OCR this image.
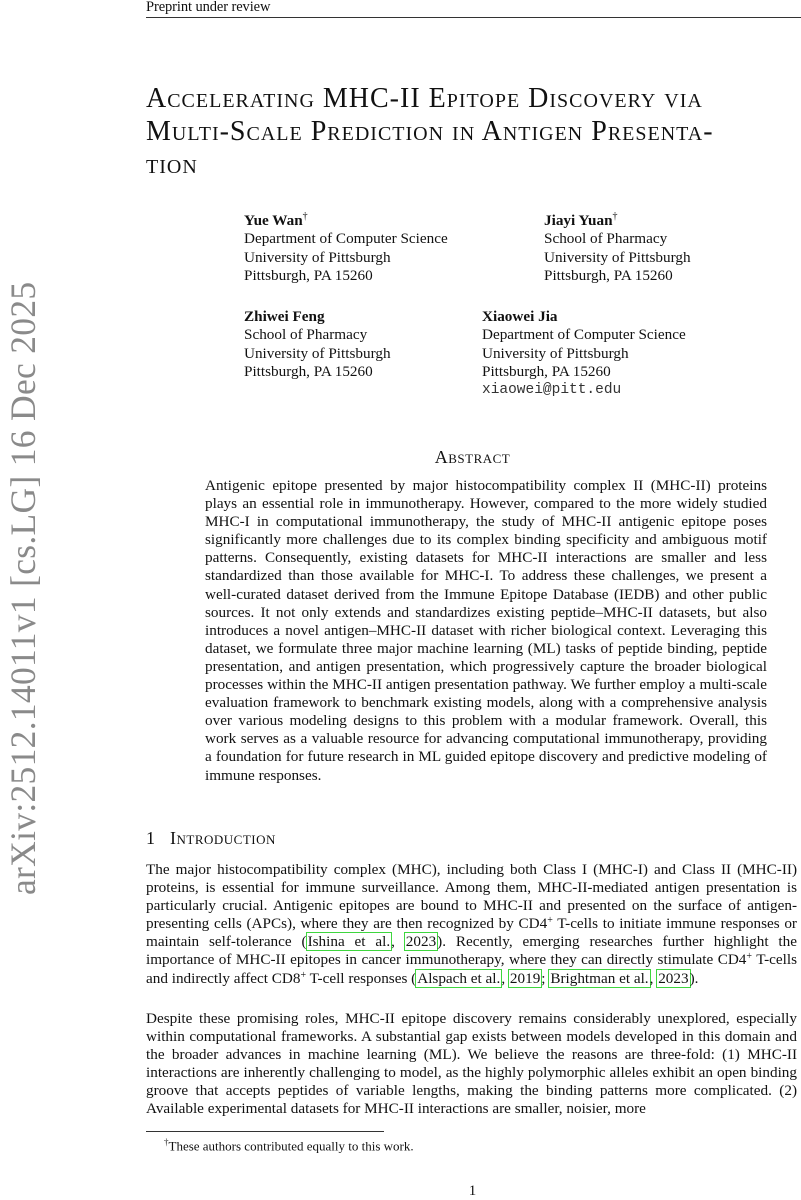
Preprint under review
arXiv:2512.14011v1 [cs.LG] 16 Dec 2025
Accelerating MHC-II Epitope Discovery via
Multi-Scale Prediction in Antigen Presenta-
tion
Yue Wan†
Department of Computer Science
University of Pittsburgh
Pittsburgh, PA 15260
Jiayi Yuan†
School of Pharmacy
University of Pittsburgh
Pittsburgh, PA 15260
Zhiwei Feng
School of Pharmacy
University of Pittsburgh
Pittsburgh, PA 15260
Xiaowei Jia
Department of Computer Science
University of Pittsburgh
Pittsburgh, PA 15260
xiaowei@pitt.edu
Abstract
Antigenic epitope presented by major histocompatibility complex II (MHC-II) proteins plays an essential role in immunotherapy. However, compared to the more widely studied MHC-I in computational immunotherapy, the study of MHC-II antigenic epitope poses significantly more challenges due to its complex binding specificity and ambiguous motif patterns. Consequently, existing datasets for MHC-II interactions are smaller and less standardized than those available for MHC-I. To address these challenges, we present a well-curated dataset derived from the Immune Epitope Database (IEDB) and other public sources. It not only extends and standardizes existing peptide–MHC-II datasets, but also introduces a novel antigen–MHC-II dataset with richer biological context. Leveraging this dataset, we formulate three major machine learning (ML) tasks of peptide binding, peptide presentation, and antigen presentation, which progressively capture the broader biological processes within the MHC-II antigen presentation pathway. We further employ a multi-scale evaluation framework to benchmark existing models, along with a comprehensive analysis over various modeling designs to this problem with a modular framework. Overall, this work serves as a valuable resource for advancing computational immunotherapy, providing a foundation for future research in ML guided epitope discovery and predictive modeling of immune responses.
1 Introduction

The major histocompatibility complex (MHC), including both Class I (MHC-I) and Class II (MHC-II) proteins, is essential for immune surveillance. Among them, MHC-II-mediated antigen presentation is particularly crucial. Antigenic epitopes are bound to MHC-II and presented on the surface of antigen-presenting cells (APCs), where they are then recognized by CD4+ T-cells to initiate immune responses or maintain self-tolerance (Ishina et al., 2023). Recently, emerging researches further highlight the importance of MHC-II epitopes in cancer immunotherapy, where they can directly stimulate CD4+ T-cells and indirectly affect CD8+ T-cell responses (Alspach et al., 2019; Brightman et al., 2023).

Despite these promising roles, MHC-II epitope discovery remains considerably unexplored, especially within computational frameworks. A substantial gap exists between models developed in this domain and the broader advances in machine learning (ML). We believe the reasons are three-fold: (1) MHC-II interactions are inherently challenging to model, as the highly polymorphic alleles exhibit an open binding groove that accepts peptides of variable lengths, making the binding patterns more complicated. (2) Available experimental datasets for MHC-II interactions are smaller, noisier, more

†These authors contributed equally to this work.
1
